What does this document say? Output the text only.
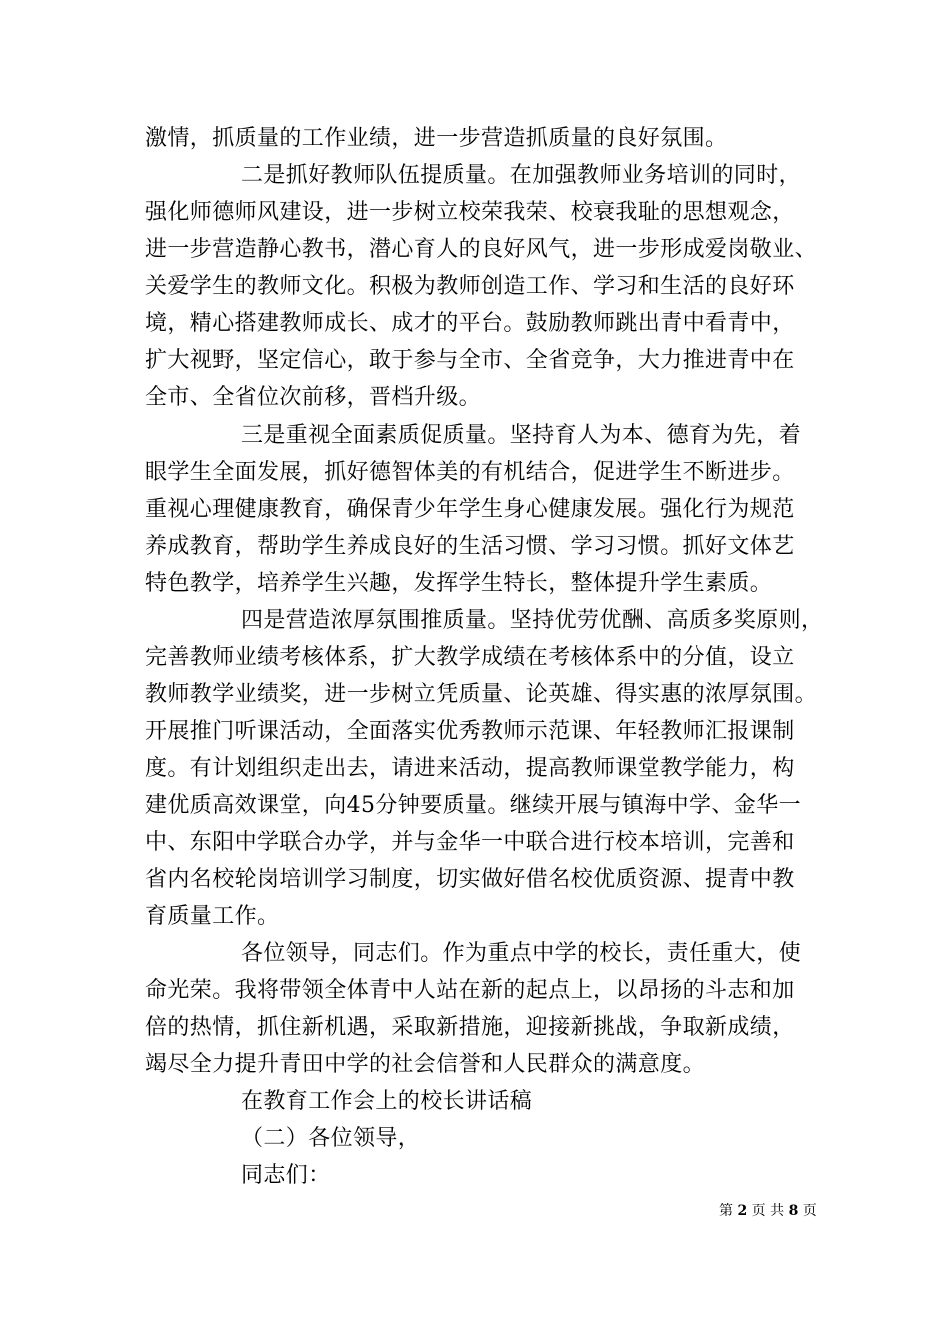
激情，抓质量的工作业绩，进一步营造抓质量的良好氛围。
二是抓好教师队伍提质量。在加强教师业务培训的同时，
强化师德师风建设，进一步树立校荣我荣、校衰我耻的思想观念，
进一步营造静心教书，潜心育人的良好风气，进一步形成爱岗敬业、
关爱学生的教师文化。积极为教师创造工作、学习和生活的良好环
境，精心搭建教师成长、成才的平台。鼓励教师跳出青中看青中，
扩大视野，坚定信心，敢于参与全市、全省竞争，大力推进青中在
全市、全省位次前移，晋档升级。
三是重视全面素质促质量。坚持育人为本、德育为先，着
眼学生全面发展，抓好德智体美的有机结合，促进学生不断进步。
重视心理健康教育，确保青少年学生身心健康发展。强化行为规范
养成教育，帮助学生养成良好的生活习惯、学习习惯。抓好文体艺
特色教学，培养学生兴趣，发挥学生特长，整体提升学生素质。
四是营造浓厚氛围推质量。坚持优劳优酬、高质多奖原则，
完善教师业绩考核体系，扩大教学成绩在考核体系中的分值，设立
教师教学业绩奖，进一步树立凭质量、论英雄、得实惠的浓厚氛围。
开展推门听课活动，全面落实优秀教师示范课、年轻教师汇报课制
度。有计划组织走出去，请进来活动，提高教师课堂教学能力，构
建优质高效课堂，向45分钟要质量。继续开展与镇海中学、金华一
中、东阳中学联合办学，并与金华一中联合进行校本培训，完善和
省内名校轮岗培训学习制度，切实做好借名校优质资源、提青中教
育质量工作。
各位领导，同志们。作为重点中学的校长，责任重大，使
命光荣。我将带领全体青中人站在新的起点上，以昂扬的斗志和加
倍的热情，抓住新机遇，采取新措施，迎接新挑战，争取新成绩，
竭尽全力提升青田中学的社会信誉和人民群众的满意度。
在教育工作会上的校长讲话稿
（二）各位领导，
同志们：
第 2 页 共 8 页
